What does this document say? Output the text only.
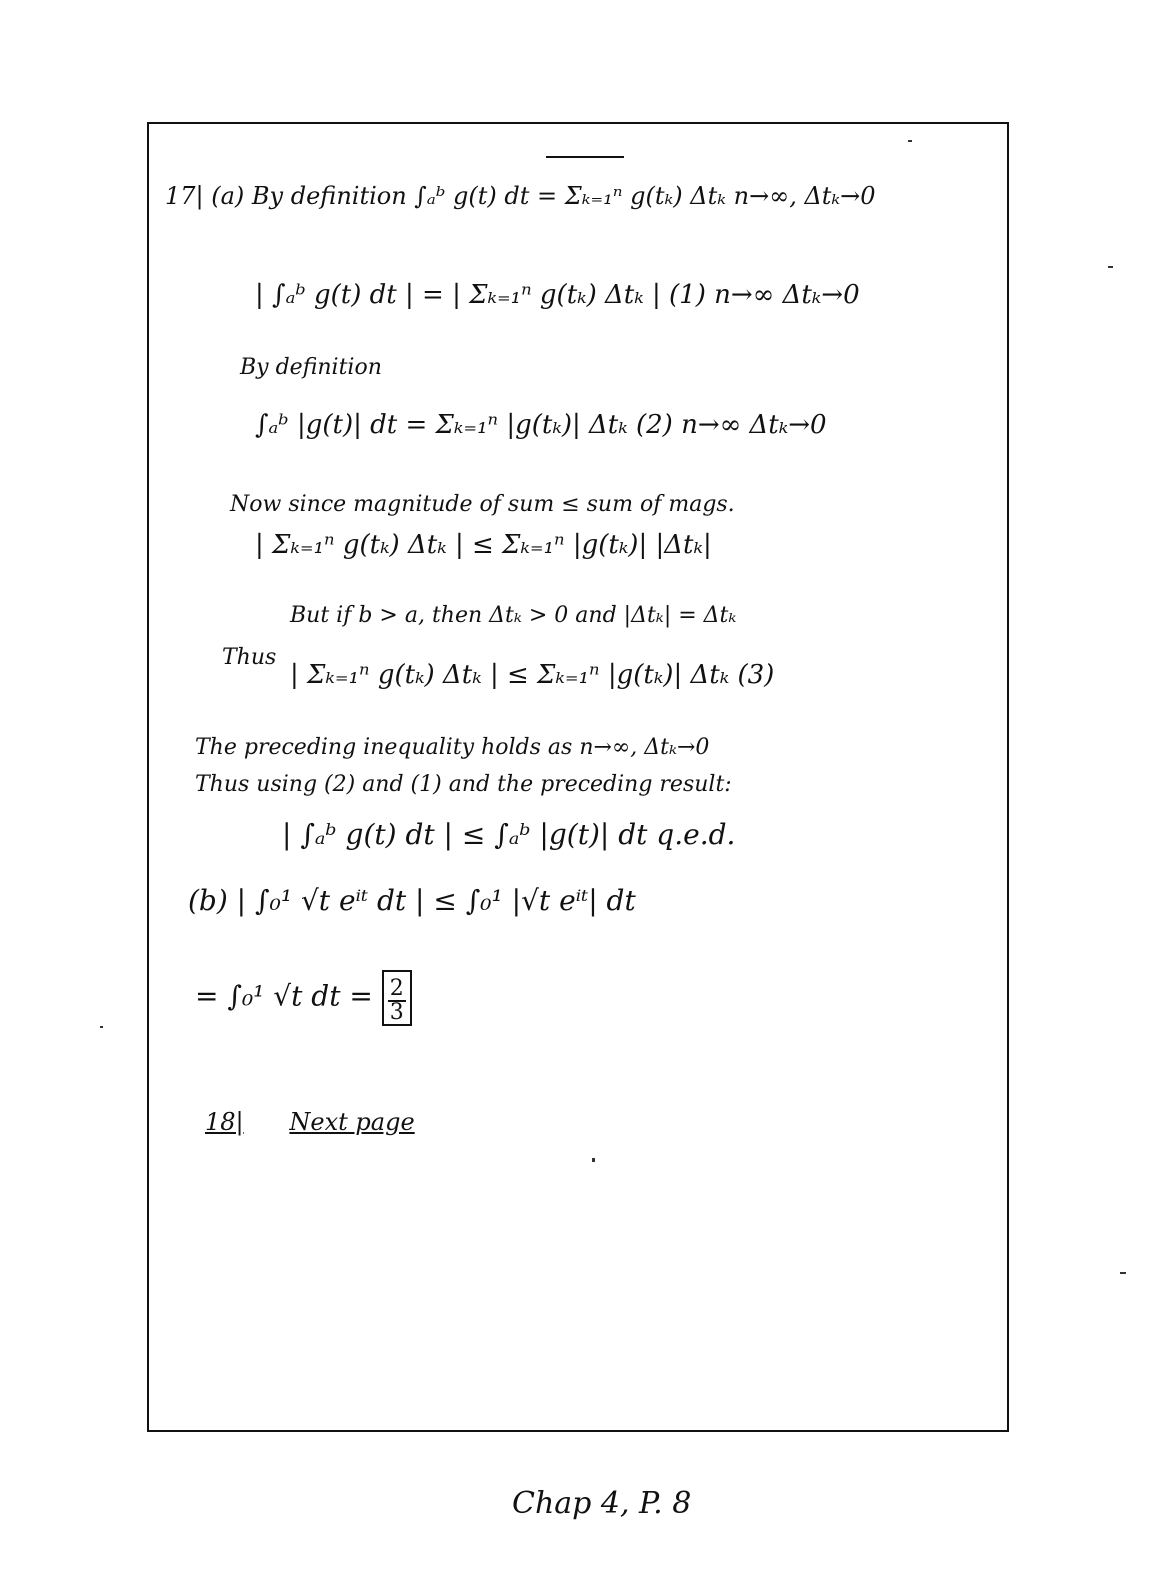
17| (a) By definition ∫ₐᵇ g(t) dt = Σₖ₌₁ⁿ g(tₖ) Δtₖ n→∞, Δtₖ→0
| ∫ₐᵇ g(t) dt | = | Σₖ₌₁ⁿ g(tₖ) Δtₖ | (1) n→∞ Δtₖ→0
By definition
∫ₐᵇ |g(t)| dt = Σₖ₌₁ⁿ |g(tₖ)| Δtₖ (2) n→∞ Δtₖ→0
Now since magnitude of sum ≤ sum of mags.
| Σₖ₌₁ⁿ g(tₖ) Δtₖ | ≤ Σₖ₌₁ⁿ |g(tₖ)| |Δtₖ|
But if b > a, then Δtₖ > 0 and |Δtₖ| = Δtₖ
Thus
| Σₖ₌₁ⁿ g(tₖ) Δtₖ | ≤ Σₖ₌₁ⁿ |g(tₖ)| Δtₖ (3)
The preceding inequality holds as n→∞, Δtₖ→0
Thus using (2) and (1) and the preceding result:
| ∫ₐᵇ g(t) dt | ≤ ∫ₐᵇ |g(t)| dt q.e.d.
(b) | ∫₀¹ √t eⁱᵗ dt | ≤ ∫₀¹ |√t eⁱᵗ| dt
= ∫₀¹ √t dt = $\frac{2}{3}$
18| Next page
Chap 4, P. 8
